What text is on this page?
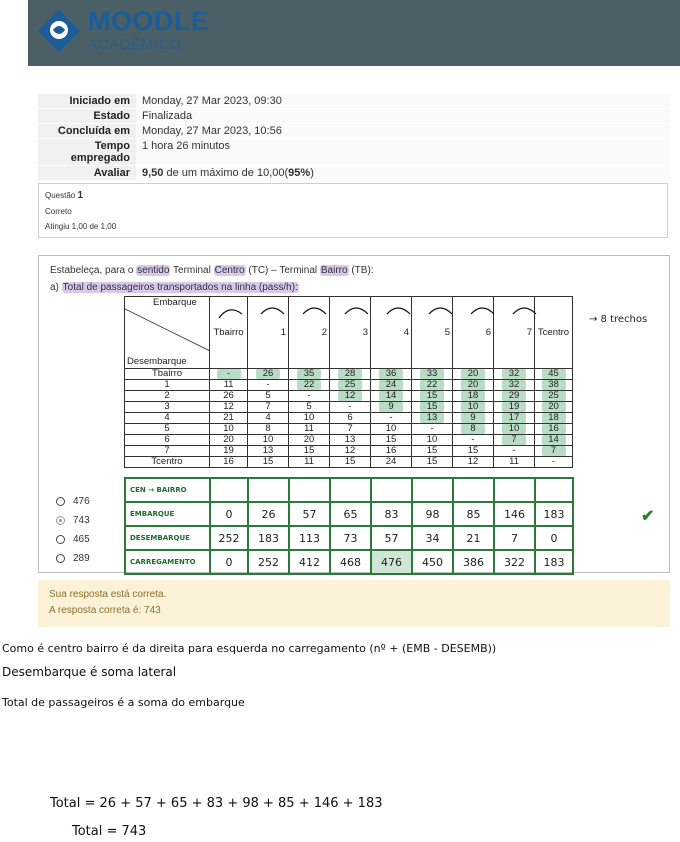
MOODLE
ACADÊMICO
Iniciado em	Monday, 27 Mar 2023, 09:30
Estado	Finalizada
Concluída em	Monday, 27 Mar 2023, 10:56
Tempo empregado	1 hora 26 minutos
Avaliar	9,50 de um máximo de 10,00(95%)
Questão 1
Correto
Atingiu 1,00 de 1,00
Estabeleça, para o sentido Terminal Centro (TC) – Terminal Bairro (TB):
a) Total de passageiros transportados na linha (pass/h):
Embarque
Desembarque	Tbairro	1	2	3	4	5	6	7	Tcentro
Tbairro	-	26	35	28	36	33	20	32	45
1	11	-	22	25	24	22	20	32	38
2	26	5	-	12	14	15	18	29	25
3	12	7	5	-	9	15	10	19	20
4	21	4	10	6	-	13	9	17	18
5	10	8	11	7	10	-	8	10	16
6	20	10	20	13	15	10	-	7	14
7	19	13	15	12	16	15	15	-	7
Tcentro	16	15	11	15	24	15	12	11	-
→ 8 trechos
CEN → BAIRRO									
EMBARQUE	0	26	57	65	83	98	85	146	183
DESEMBARQUE	252	183	113	73	57	34	21	7	0
CARREGAMENTO	0	252	412	468	476	450	386	322	183
476
743
465
289
✔
Sua resposta está correta.
A resposta correta é: 743
Como é centro bairro é da direita para esquerda no carregamento (nº + (EMB - DESEMB))
Desembarque é soma lateral
Total de passageiros é a soma do embarque
Total = 26 + 57 + 65 + 83 + 98 + 85 + 146 + 183
Total = 743
